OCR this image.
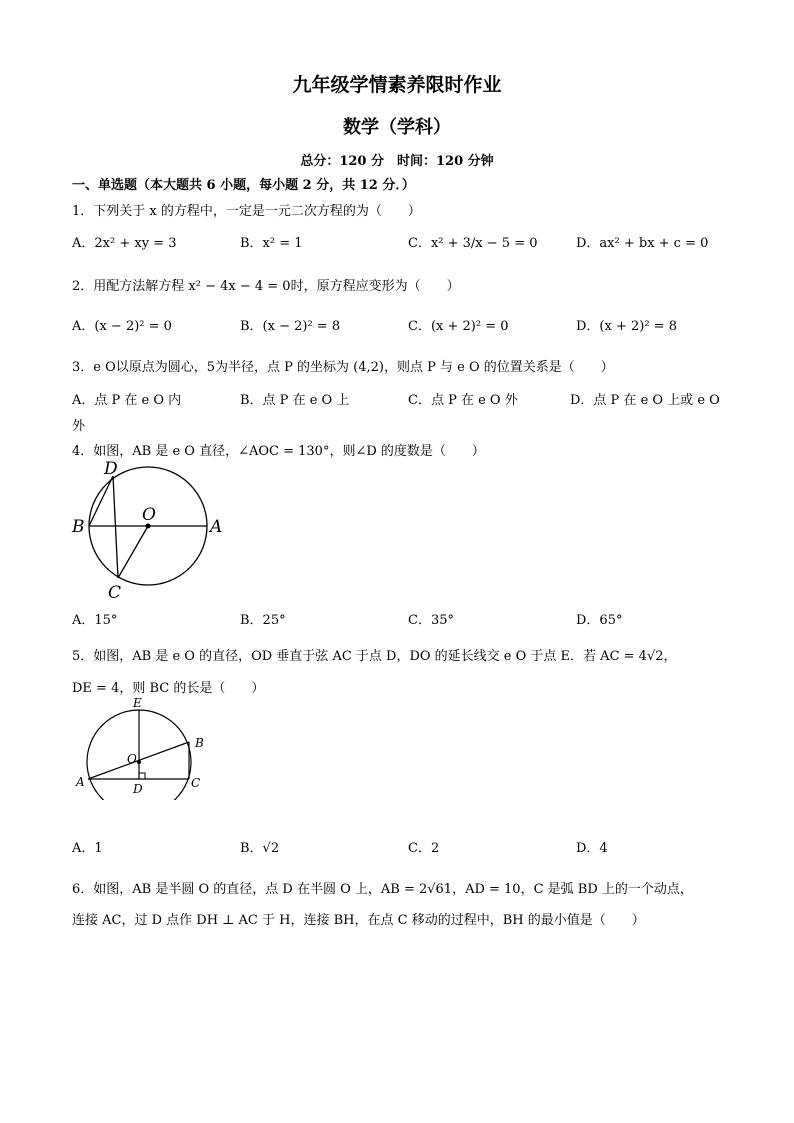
九年级学情素养限时作业
数学（学科）
总分：120 分　时间：120 分钟
一、单选题（本大题共 6 小题，每小题 2 分，共 12 分．）
1．下列关于 x 的方程中，一定是一元二次方程的为（　　）
A．2x² + xy = 3	B．x² = 1	C．x² + 3/x − 5 = 0	D．ax² + bx + c = 0
2．用配方法解方程 x² − 4x − 4 = 0时，原方程应变形为（　　）
A．(x − 2)² = 0	B．(x − 2)² = 8	C．(x + 2)² = 0	D．(x + 2)² = 8
3．e O以原点为圆心，5为半径，点 P 的坐标为 (4,2)，则点 P 与 e O 的位置关系是（　　）
A．点 P 在 e O 内	B．点 P 在 e O 上	C．点 P 在 e O 外	D．点 P 在 e O 上或 e O
外
4．如图，AB 是 e O 直径，∠AOC = 130°，则∠D 的度数是（　　）
D
B
O
A
C
A．15°	B．25°	C．35°	D．65°
5．如图，AB 是 e O 的直径，OD 垂直于弦 AC 于点 D，DO 的延长线交 e O 于点 E．若 AC = 4√2，
DE = 4，则 BC 的长是（　　）
E
B
O
A	D	C
A．1	B．√2	C．2	D．4
6．如图，AB 是半圆 O 的直径，点 D 在半圆 O 上，AB = 2√61，AD = 10，C 是弧 BD 上的一个动点，
连接 AC，过 D 点作 DH ⊥ AC 于 H，连接 BH，在点 C 移动的过程中，BH 的最小值是（　　）
